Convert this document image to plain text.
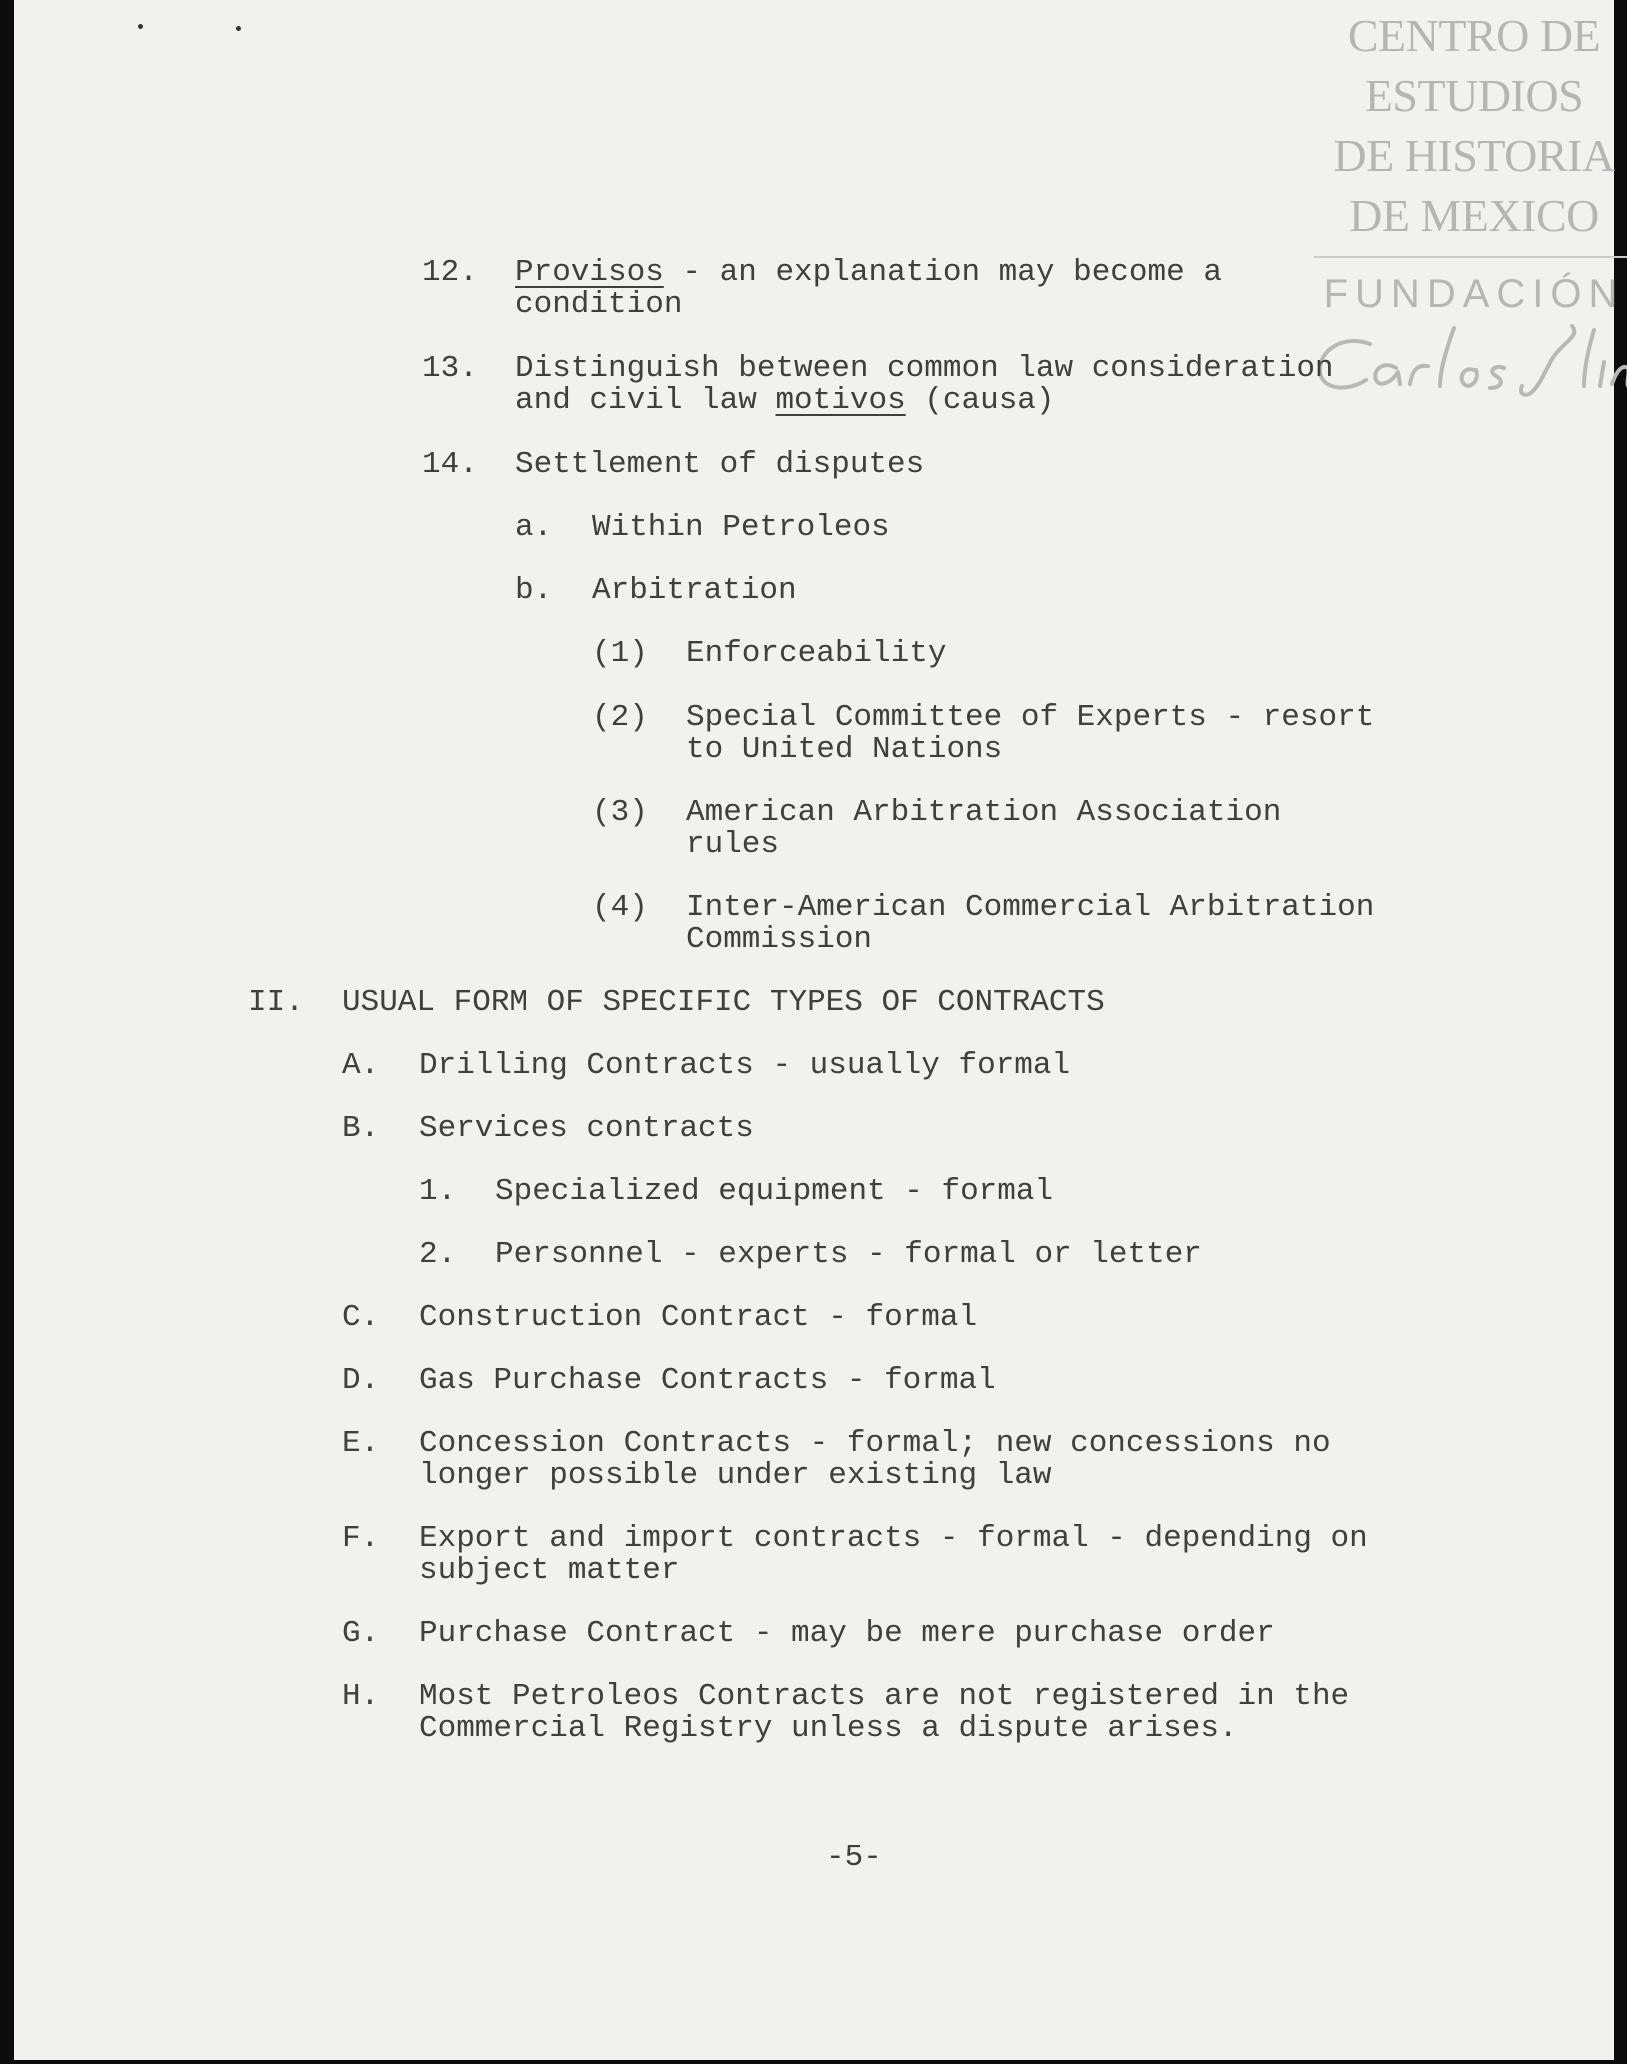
CENTRO DE
ESTUDIOS
DE HISTORIA
DE MEXICO
FUNDACIÓN

12. Provisos - an explanation may become a

condition

13. Distinguish between common law consideration

and civil law motivos (causa)

14. Settlement of disputes

a. Within Petroleos

b. Arbitration

(1) Enforceability

(2) Special Committee of Experts - resort

to United Nations

(3) American Arbitration Association

rules

(4) Inter-American Commercial Arbitration

Commission

II. USUAL FORM OF SPECIFIC TYPES OF CONTRACTS

A. Drilling Contracts - usually formal

B. Services contracts

1. Specialized equipment - formal

2. Personnel - experts - formal or letter

C. Construction Contract - formal

D. Gas Purchase Contracts - formal

E. Concession Contracts - formal; new concessions no

longer possible under existing law

F. Export and import contracts - formal - depending on

subject matter

G. Purchase Contract - may be mere purchase order

H. Most Petroleos Contracts are not registered in the

Commercial Registry unless a dispute arises.

-5-
